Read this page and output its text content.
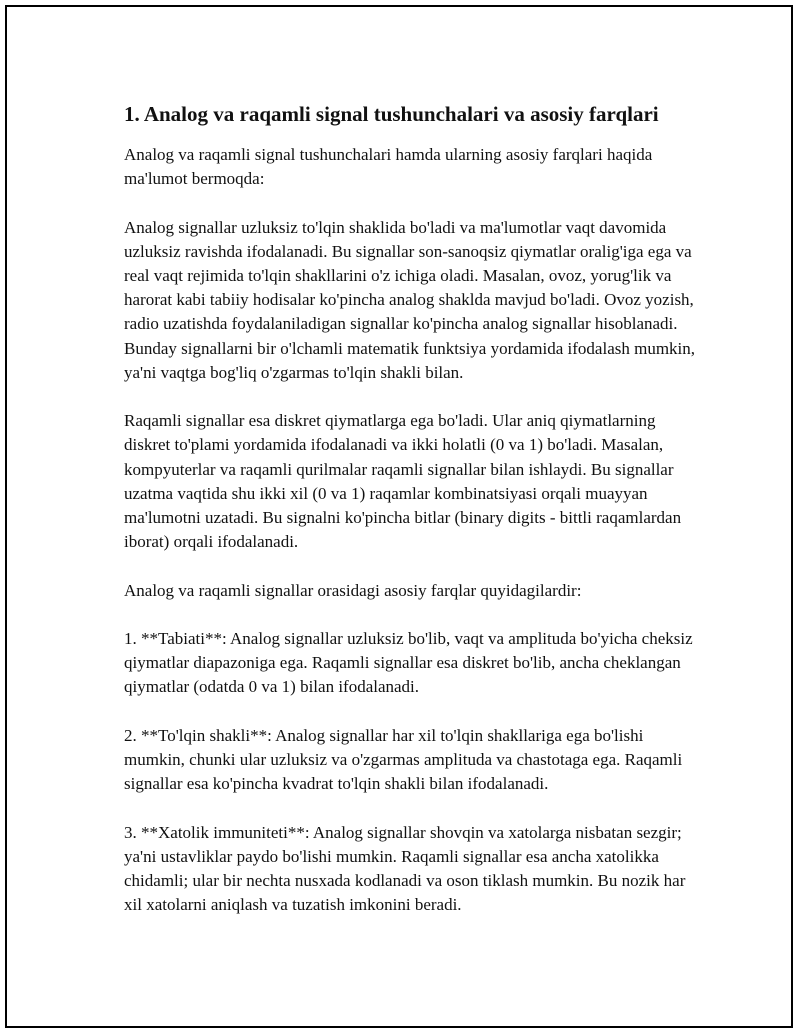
1. Analog va raqamli signal tushunchalari va asosiy farqlari

Analog va raqamli signal tushunchalari hamda ularning asosiy farqlari haqida ma'lumot bermoqda:

Analog signallar uzluksiz to'lqin shaklida bo'ladi va ma'lumotlar vaqt davomida uzluksiz ravishda ifodalanadi. Bu signallar son-sanoqsiz qiymatlar oralig'iga ega va real vaqt rejimida to'lqin shakllarini o'z ichiga oladi. Masalan, ovoz, yorug'lik va harorat kabi tabiiy hodisalar ko'pincha analog shaklda mavjud bo'ladi. Ovoz yozish, radio uzatishda foydalaniladigan signallar ko'pincha analog signallar hisoblanadi. Bunday signallarni bir o'lchamli matematik funktsiya yordamida ifodalash mumkin, ya'ni vaqtga bog'liq o'zgarmas to'lqin shakli bilan.

Raqamli signallar esa diskret qiymatlarga ega bo'ladi. Ular aniq qiymatlarning diskret to'plami yordamida ifodalanadi va ikki holatli (0 va 1) bo'ladi. Masalan, kompyuterlar va raqamli qurilmalar raqamli signallar bilan ishlaydi. Bu signallar uzatma vaqtida shu ikki xil (0 va 1) raqamlar kombinatsiyasi orqali muayyan ma'lumotni uzatadi. Bu signalni ko'pincha bitlar (binary digits - bittli raqamlardan iborat) orqali ifodalanadi.

Analog va raqamli signallar orasidagi asosiy farqlar quyidagilardir:

1. **Tabiati**: Analog signallar uzluksiz bo'lib, vaqt va amplituda bo'yicha cheksiz qiymatlar diapazoniga ega. Raqamli signallar esa diskret bo'lib, ancha cheklangan qiymatlar (odatda 0 va 1) bilan ifodalanadi.

2. **To'lqin shakli**: Analog signallar har xil to'lqin shakllariga ega bo'lishi mumkin, chunki ular uzluksiz va o'zgarmas amplituda va chastotaga ega. Raqamli signallar esa ko'pincha kvadrat to'lqin shakli bilan ifodalanadi.

3. **Xatolik immuniteti**: Analog signallar shovqin va xatolarga nisbatan sezgir; ya'ni ustavliklar paydo bo'lishi mumkin. Raqamli signallar esa ancha xatolikka chidamli; ular bir nechta nusxada kodlanadi va oson tiklash mumkin. Bu nozik har xil xatolarni aniqlash va tuzatish imkonini beradi.
